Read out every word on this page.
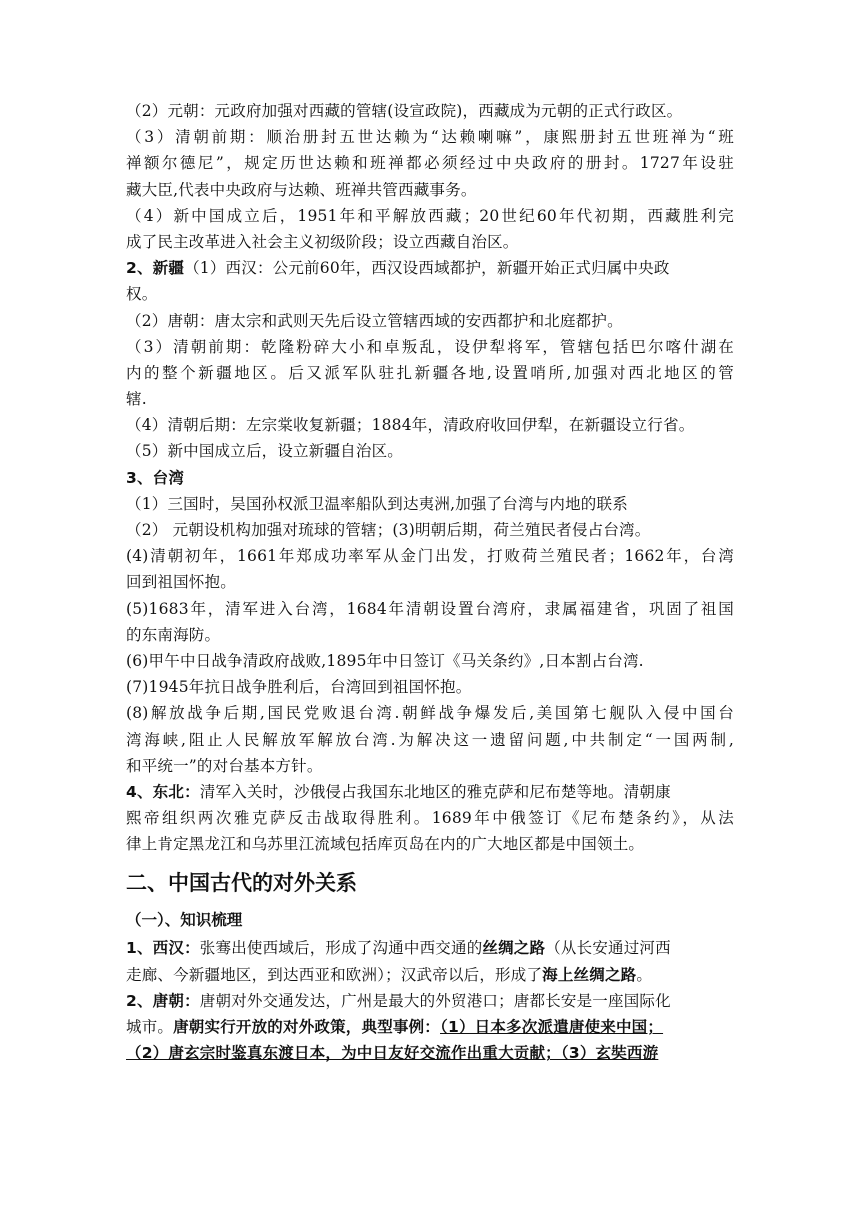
（2）元朝：元政府加强对西藏的管辖(设宣政院)，西藏成为元朝的正式行政区。
（3）清朝前期：顺治册封五世达赖为“达赖喇嘛”，康熙册封五世班禅为“班
禅额尔德尼”，规定历世达赖和班禅都必须经过中央政府的册封。1727年设驻
藏大臣,代表中央政府与达赖、班禅共管西藏事务。
（4）新中国成立后，1951年和平解放西藏；20世纪60年代初期，西藏胜利完
成了民主改革进入社会主义初级阶段；设立西藏自治区。
2、新疆（1）西汉：公元前60年，西汉设西域都护，新疆开始正式归属中央政
权。
（2）唐朝：唐太宗和武则天先后设立管辖西域的安西都护和北庭都护。
（3）清朝前期：乾隆粉碎大小和卓叛乱，设伊犁将军，管辖包括巴尔喀什湖在
内的整个新疆地区。后又派军队驻扎新疆各地,设置哨所,加强对西北地区的管
辖.
（4）清朝后期：左宗棠收复新疆；1884年，清政府收回伊犁，在新疆设立行省。
（5）新中国成立后，设立新疆自治区。
3、台湾
（1）三国时，吴国孙权派卫温率船队到达夷洲,加强了台湾与内地的联系
（2） 元朝设机构加强对琉球的管辖；(3)明朝后期，荷兰殖民者侵占台湾。
(4)清朝初年，1661年郑成功率军从金门出发，打败荷兰殖民者；1662年，台湾
回到祖国怀抱。
(5)1683年，清军进入台湾，1684年清朝设置台湾府，隶属福建省，巩固了祖国
的东南海防。
(6)甲午中日战争清政府战败,1895年中日签订《马关条约》,日本割占台湾.
(7)1945年抗日战争胜利后，台湾回到祖国怀抱。
(8)解放战争后期,国民党败退台湾.朝鲜战争爆发后,美国第七舰队入侵中国台
湾海峡,阻止人民解放军解放台湾.为解决这一遗留问题,中共制定“一国两制,
和平统一”的对台基本方针。
4、东北：清军入关时，沙俄侵占我国东北地区的雅克萨和尼布楚等地。清朝康
熙帝组织两次雅克萨反击战取得胜利。1689年中俄签订《尼布楚条约》，从法
律上肯定黑龙江和乌苏里江流域包括库页岛在内的广大地区都是中国领土。
二、中国古代的对外关系
（一）、知识梳理
1、西汉：张骞出使西域后，形成了沟通中西交通的丝绸之路（从长安通过河西
走廊、今新疆地区，到达西亚和欧洲）；汉武帝以后，形成了海上丝绸之路。
2、唐朝：唐朝对外交通发达，广州是最大的外贸港口；唐都长安是一座国际化
城市。唐朝实行开放的对外政策，典型事例：（1）日本多次派遣唐使来中国；
（2）唐玄宗时鉴真东渡日本，为中日友好交流作出重大贡献；（3）玄奘西游
